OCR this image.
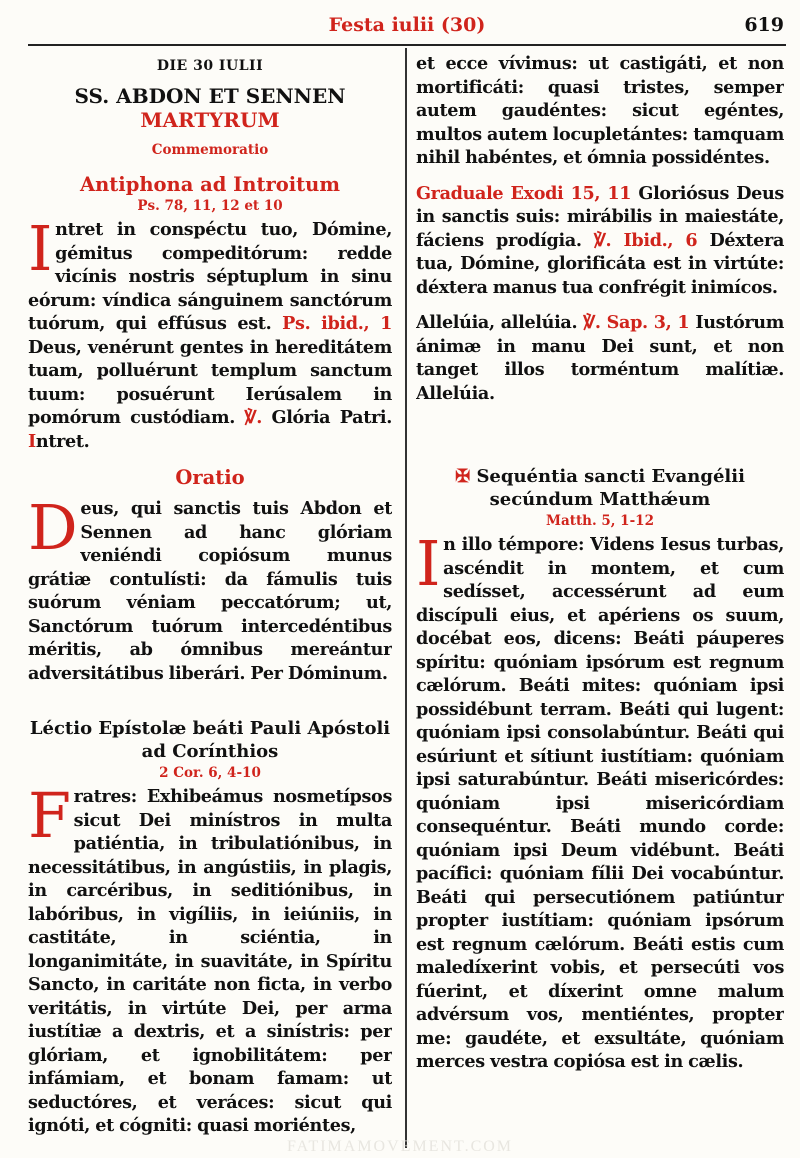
Festa iulii (30)	619

DIE 30 IULII

SS. ABDON ET SENNEN

MARTYRUM

Commemoratio

Antiphona ad Introitum

Ps. 78, 11, 12 et 10

Intret in conspéctu tuo, Dómine, gémitus compeditórum: redde vicínis nostris séptuplum in sinu eórum: víndica sánguinem sanctórum tuórum, qui effúsus est. Ps. ibid., 1 Deus, venérunt gentes in hereditátem tuam, polluérunt templum sanctum tuum: posuérunt Ierúsalem in pomórum custódiam. ℣. Glória Patri. Intret.

Oratio

Deus, qui sanctis tuis Abdon et Sennen ad hanc glóriam veniéndi copiósum munus grátiæ contulísti: da fámulis tuis suórum véniam peccatórum; ut, Sanctórum tuórum intercedéntibus méritis, ab ómnibus mereántur adversitátibus liberári. Per Dóminum.

Léctio Epístolæ beáti Pauli Apóstoli ad Corínthios

2 Cor. 6, 4-10

Fratres: Exhibeámus nosmetípsos sicut Dei minístros in multa patiéntia, in tribulatiónibus, in necessitátibus, in angústiis, in plagis, in carcéribus, in seditiónibus, in labóribus, in vigíliis, in ieiúniis, in castitáte, in sciéntia, in longanimitáte, in suavitáte, in Spíritu Sancto, in caritáte non ficta, in verbo veritátis, in virtúte Dei, per arma iustítiæ a dextris, et a sinístris: per glóriam, et ignobilitátem: per infámiam, et bonam famam: ut seductóres, et veráces: sicut qui ignóti, et cógniti: quasi moriéntes,

et ecce vívimus: ut castigáti, et non mortificáti: quasi tristes, semper autem gaudéntes: sicut egéntes, multos autem locupletántes: tamquam nihil habéntes, et ómnia possidéntes.

Graduale Exodi 15, 11 Gloriósus Deus in sanctis suis: mirábilis in maiestáte, fáciens prodígia. ℣. Ibid., 6 Déxtera tua, Dómine, glorificáta est in virtúte: déxtera manus tua confrégit inimícos.

Allelúia, allelúia. ℣. Sap. 3, 1 Iustórum ánimæ in manu Dei sunt, et non tanget illos torméntum malítiæ. Allelúia.

✠ Sequéntia sancti Evangélii secúndum Matthǽum

Matth. 5, 1-12

In illo témpore: Videns Iesus turbas, ascéndit in montem, et cum sedísset, accessérunt ad eum discípuli eius, et apériens os suum, docébat eos, dicens: Beáti páuperes spíritu: quóniam ipsórum est regnum cælórum. Beáti mites: quóniam ipsi possidébunt terram. Beáti qui lugent: quóniam ipsi consolabúntur. Beáti qui esúriunt et sítiunt iustítiam: quóniam ipsi saturabúntur. Beáti misericórdes: quóniam ipsi misericórdiam consequéntur. Beáti mundo corde: quóniam ipsi Deum vidébunt. Beáti pacífici: quóniam fílii Dei vocabúntur. Beáti qui persecutiónem patiúntur propter iustítiam: quóniam ipsórum est regnum cælórum. Beáti estis cum maledíxerint vobis, et persecúti vos fúerint, et díxerint omne malum advérsum vos, mentiéntes, propter me: gaudéte, et exsultáte, quóniam merces vestra copiósa est in cælis.

FATIMAMOVEMENT.COM
